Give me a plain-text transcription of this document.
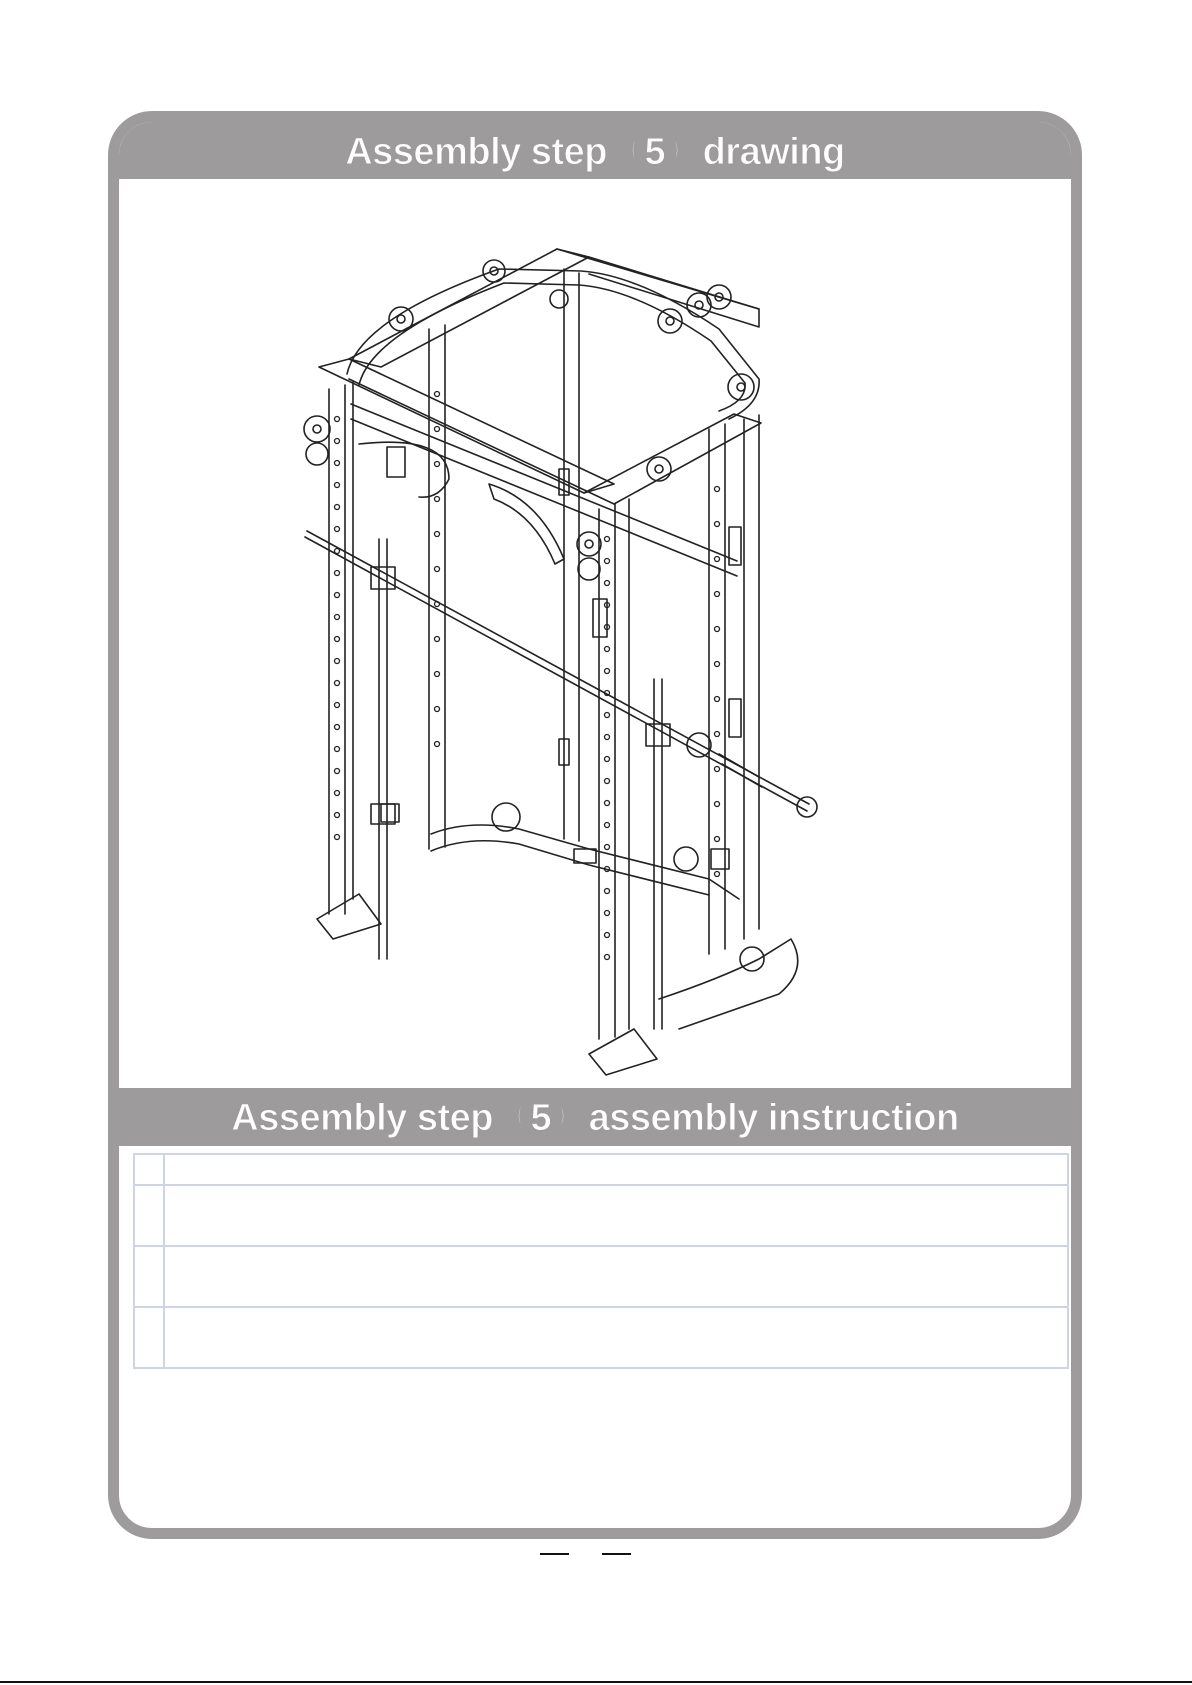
Assembly step（5）drawing
Assembly step（5）assembly instruction
